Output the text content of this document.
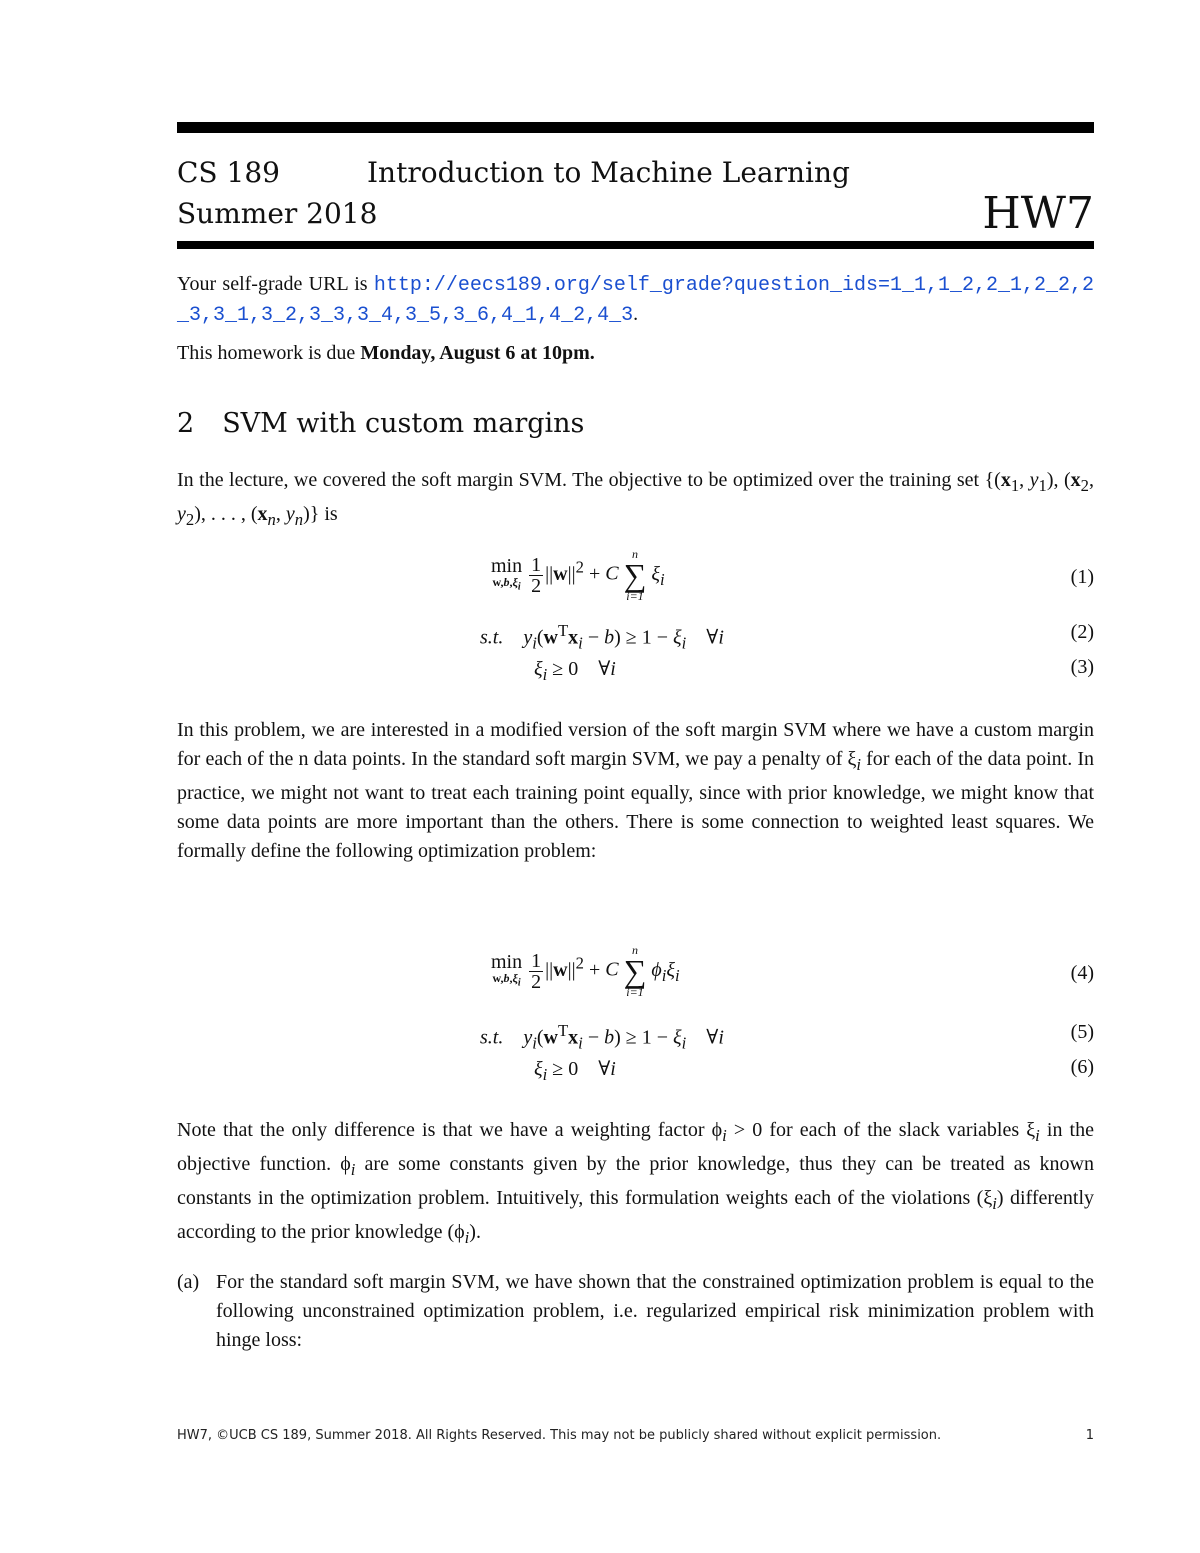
CS 189	Introduction to Machine Learning
Summer 2018	HW7

Your self-grade URL is http://eecs189.org/self_grade?question_ids=1_1,1_2,2_1,2_2,2_3,3_1,3_2,3_3,3_4,3_5,3_6,4_1,4_2,4_3.

This homework is due Monday, August 6 at 10pm.

2 SVM with custom margins

In the lecture, we covered the soft margin SVM. The objective to be optimized over the training set {($x_1$, $y_1$), ($x_2$, $y_2$), . . . , ($x_n$, $y_n$)} is

min
$w,b,\xi_i$
$\frac{1}{2} ||w||^2 + C$
n
∑
i=1
$\xi_i$	(1)
s.t.    $y_i(w^Tx_i - b) \ge 1 - \xi_i$ ∀i	(2)
$\xi_i \ge 0$    ∀i	(3)

In this problem, we are interested in a modified version of the soft margin SVM where we have a custom margin for each of the n data points. In the standard soft margin SVM, we pay a penalty of $\xi_i$ for each of the data point. In practice, we might not want to treat each training point equally, since with prior knowledge, we might know that some data points are more important than the others. There is some connection to weighted least squares. We formally define the following optimization problem:

min
$w,b,\xi_i$
$\frac{1}{2} ||w||^2 + C$
n
∑
i=1
$\phi_i\xi_i$	(4)
s.t.    $y_i(w^Tx_i - b) \ge 1 - \xi_i$ ∀i	(5)
$\xi_i \ge 0$    ∀i	(6)

Note that the only difference is that we have a weighting factor $\phi_i > 0$ for each of the slack variables $\xi_i$ in the objective function. $\phi_i$ are some constants given by the prior knowledge, thus they can be treated as known constants in the optimization problem. Intuitively, this formulation weights each of the violations $(\xi_i)$ differently according to the prior knowledge $(\phi_i)$.

(a) For the standard soft margin SVM, we have shown that the constrained optimization problem is equal to the following unconstrained optimization problem, i.e. regularized empirical risk minimization problem with hinge loss:

HW7, ©UCB CS 189, Summer 2018. All Rights Reserved. This may not be publicly shared without explicit permission.	1
